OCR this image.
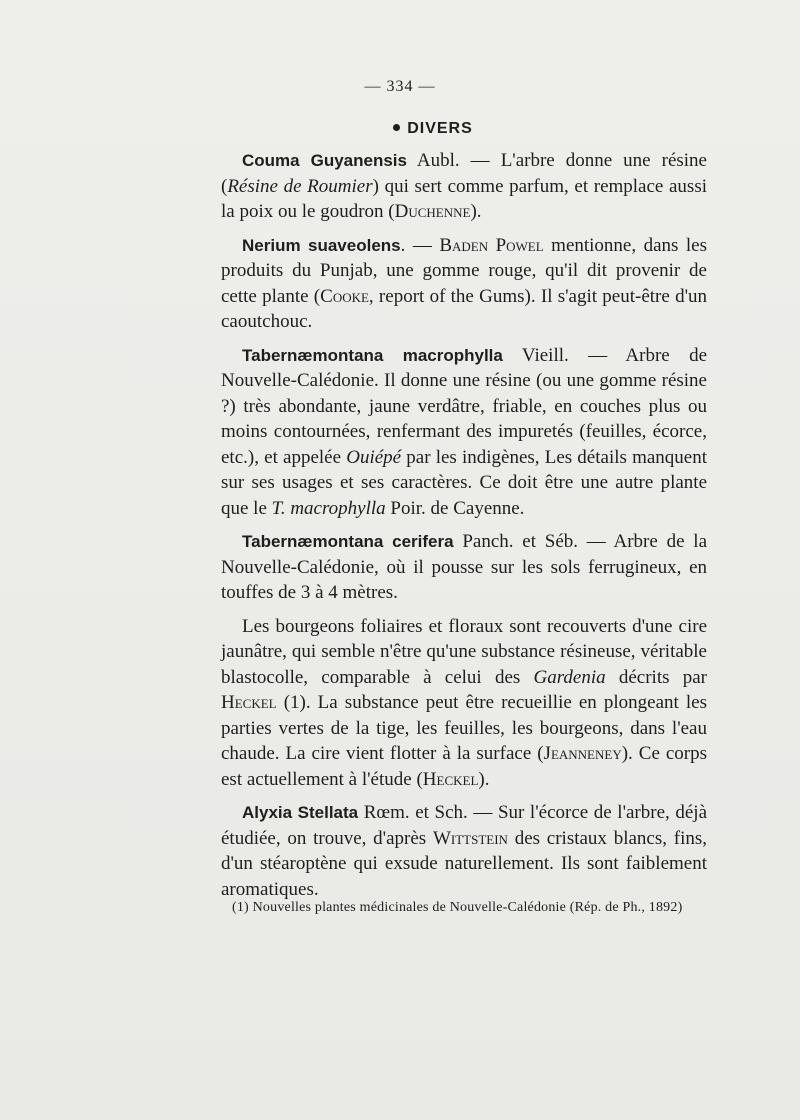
— 334 —
DIVERS

Couma Guyanensis Aubl. — L'arbre donne une résine (Résine de Roumier) qui sert comme parfum, et remplace aussi la poix ou le goudron (Duchenne).

Nerium suaveolens. — Baden Powel mentionne, dans les produits du Punjab, une gomme rouge, qu'il dit provenir de cette plante (Cooke, report of the Gums). Il s'agit peut-être d'un caoutchouc.

Tabernæmontana macrophylla Vieill. — Arbre de Nouvelle-Calédonie. Il donne une résine (ou une gomme résine ?) très abondante, jaune verdâtre, friable, en couches plus ou moins contournées, renfermant des impuretés (feuilles, écorce, etc.), et appelée Ouiépé par les indigènes, Les détails manquent sur ses usages et ses caractères. Ce doit être une autre plante que le T. macrophylla Poir. de Cayenne.

Tabernæmontana cerifera Panch. et Séb. — Arbre de la Nouvelle-Calédonie, où il pousse sur les sols ferrugineux, en touffes de 3 à 4 mètres.

Les bourgeons foliaires et floraux sont recouverts d'une cire jaunâtre, qui semble n'être qu'une substance résineuse, véritable blastocolle, comparable à celui des Gardenia décrits par Heckel (1). La substance peut être recueillie en plongeant les parties vertes de la tige, les feuilles, les bourgeons, dans l'eau chaude. La cire vient flotter à la surface (Jeanneney). Ce corps est actuellement à l'étude (Heckel).

Alyxia Stellata Rœm. et Sch. — Sur l'écorce de l'arbre, déjà étudiée, on trouve, d'après Wittstein des cristaux blancs, fins, d'un stéaroptène qui exsude naturellement. Ils sont faiblement aromatiques.

(1) Nouvelles plantes médicinales de Nouvelle-Calédonie (Rép. de Ph., 1892)
